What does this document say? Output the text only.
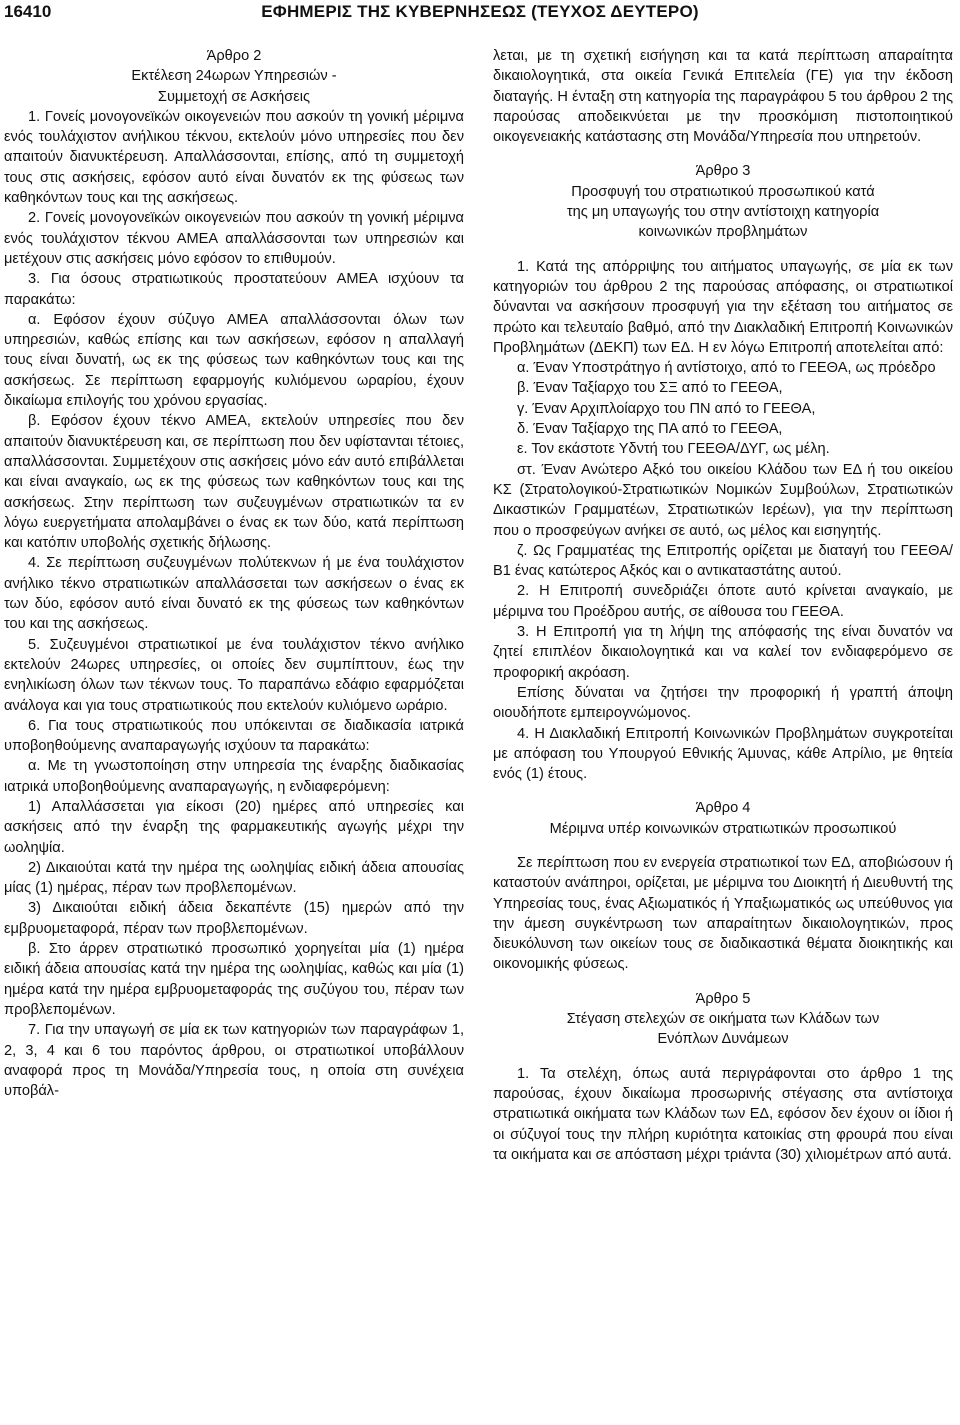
16410	ΕΦΗΜΕΡΙΣ ΤΗΣ ΚΥΒΕΡΝΗΣΕΩΣ (ΤΕΥΧΟΣ ΔΕΥΤΕΡΟ)

Άρθρο 2

Εκτέλεση 24ωρων Υπηρεσιών -

Συμμετοχή σε Ασκήσεις

1. Γονείς μονογονεϊκών οικογενειών που ασκούν τη γονική μέριμνα ενός τουλάχιστον ανήλικου τέκνου, εκτελούν μόνο υπηρεσίες που δεν απαιτούν διανυκτέρευση. Απαλλάσσονται, επίσης, από τη συμμετοχή τους στις ασκήσεις, εφόσον αυτό είναι δυνατόν εκ της φύσεως των καθηκόντων τους και της ασκήσεως.

2. Γονείς μονογονεϊκών οικογενειών που ασκούν τη γονική μέριμνα ενός τουλάχιστον τέκνου ΑΜΕΑ απαλλάσσονται των υπηρεσιών και μετέχουν στις ασκήσεις μόνο εφόσον το επιθυμούν.

3. Για όσους στρατιωτικούς προστατεύουν ΑΜΕΑ ισχύουν τα παρακάτω:

α. Εφόσον έχουν σύζυγο ΑΜΕΑ απαλλάσσονται όλων των υπηρεσιών, καθώς επίσης και των ασκήσεων, εφόσον η απαλλαγή τους είναι δυνατή, ως εκ της φύσεως των καθηκόντων τους και της ασκήσεως. Σε περίπτωση εφαρμογής κυλιόμενου ωραρίου, έχουν δικαίωμα επιλογής του χρόνου εργασίας.

β. Εφόσον έχουν τέκνο ΑΜΕΑ, εκτελούν υπηρεσίες που δεν απαιτούν διανυκτέρευση και, σε περίπτωση που δεν υφίστανται τέτοιες, απαλλάσσονται. Συμμετέχουν στις ασκήσεις μόνο εάν αυτό επιβάλλεται και είναι αναγκαίο, ως εκ της φύσεως των καθηκόντων τους και της ασκήσεως. Στην περίπτωση των συζευγμένων στρατιωτικών τα εν λόγω ευεργετήματα απολαμβάνει ο ένας εκ των δύο, κατά περίπτωση και κατόπιν υποβολής σχετικής δήλωσης.

4. Σε περίπτωση συζευγμένων πολύτεκνων ή με ένα τουλάχιστον ανήλικο τέκνο στρατιωτικών απαλλάσσεται των ασκήσεων ο ένας εκ των δύο, εφόσον αυτό είναι δυνατό εκ της φύσεως των καθηκόντων του και της ασκήσεως.

5. Συζευγμένοι στρατιωτικοί με ένα τουλάχιστον τέκνο ανήλικο εκτελούν 24ωρες υπηρεσίες, οι οποίες δεν συμπίπτουν, έως την ενηλικίωση όλων των τέκνων τους. Το παραπάνω εδάφιο εφαρμόζεται ανάλογα και για τους στρατιωτικούς που εκτελούν κυλιόμενο ωράριο.

6. Για τους στρατιωτικούς που υπόκεινται σε διαδικασία ιατρικά υποβοηθούμενης αναπαραγωγής ισχύουν τα παρακάτω:

α. Με τη γνωστοποίηση στην υπηρεσία της έναρξης διαδικασίας ιατρικά υποβοηθούμενης αναπαραγωγής, η ενδιαφερόμενη:

1) Απαλλάσσεται για είκοσι (20) ημέρες από υπηρεσίες και ασκήσεις από την έναρξη της φαρμακευτικής αγωγής μέχρι την ωοληψία.

2) Δικαιούται κατά την ημέρα της ωοληψίας ειδική άδεια απουσίας μίας (1) ημέρας, πέραν των προβλεπομένων.

3) Δικαιούται ειδική άδεια δεκαπέντε (15) ημερών από την εμβρυομεταφορά, πέραν των προβλεπομένων.

β. Στο άρρεν στρατιωτικό προσωπικό χορηγείται μία (1) ημέρα ειδική άδεια απουσίας κατά την ημέρα της ωοληψίας, καθώς και μία (1) ημέρα κατά την ημέρα εμβρυομεταφοράς της συζύγου του, πέραν των προβλεπομένων.

7. Για την υπαγωγή σε μία εκ των κατηγοριών των παραγράφων 1, 2, 3, 4 και 6 του παρόντος άρθρου, οι στρατιωτικοί υποβάλλουν αναφορά προς τη Μονάδα/Υπηρεσία τους, η οποία στη συνέχεια υποβάλ-

λεται, με τη σχετική εισήγηση και τα κατά περίπτωση απαραίτητα δικαιολογητικά, στα οικεία Γενικά Επιτελεία (ΓΕ) για την έκδοση διαταγής. Η ένταξη στη κατηγορία της παραγράφου 5 του άρθρου 2 της παρούσας αποδεικνύεται με την προσκόμιση πιστοποιητικού οικογενειακής κατάστασης στη Μονάδα/Υπηρεσία που υπηρετούν.

Άρθρο 3

Προσφυγή του στρατιωτικού προσωπικού κατά

της μη υπαγωγής του στην αντίστοιχη κατηγορία

κοινωνικών προβλημάτων

1. Κατά της απόρριψης του αιτήματος υπαγωγής, σε μία εκ των κατηγοριών του άρθρου 2 της παρούσας απόφασης, οι στρατιωτικοί δύνανται να ασκήσουν προσφυγή για την εξέταση του αιτήματος σε πρώτο και τελευταίο βαθμό, από την Διακλαδική Επιτροπή Κοινωνικών Προβλημάτων (ΔΕΚΠ) των ΕΔ. Η εν λόγω Επιτροπή αποτελείται από:

α. Έναν Υποστράτηγο ή αντίστοιχο, από το ΓΕΕΘΑ, ως πρόεδρο

β. Έναν Ταξίαρχο του ΣΞ από το ΓΕΕΘΑ,

γ. Έναν Αρχιπλοίαρχο του ΠΝ από το ΓΕΕΘΑ,

δ. Έναν Ταξίαρχο της ΠΑ από το ΓΕΕΘΑ,

ε. Τον εκάστοτε Υδντή του ΓΕΕΘΑ/ΔΥΓ, ως μέλη.

στ. Έναν Ανώτερο Αξκό του οικείου Κλάδου των ΕΔ ή του οικείου ΚΣ (Στρατολογικού-Στρατιωτικών Νομικών Συμβούλων, Στρατιωτικών Δικαστικών Γραμματέων, Στρατιωτικών Ιερέων), για την περίπτωση που ο προσφεύγων ανήκει σε αυτό, ως μέλος και εισηγητής.

ζ. Ως Γραμματέας της Επιτροπής ορίζεται με διαταγή του ΓΕΕΘΑ/Β1 ένας κατώτερος Αξκός και ο αντικαταστάτης αυτού.

2. Η Επιτροπή συνεδριάζει όποτε αυτό κρίνεται αναγκαίο, με μέριμνα του Προέδρου αυτής, σε αίθουσα του ΓΕΕΘΑ.

3. Η Επιτροπή για τη λήψη της απόφασής της είναι δυνατόν να ζητεί επιπλέον δικαιολογητικά και να καλεί τον ενδιαφερόμενο σε προφορική ακρόαση.

Επίσης δύναται να ζητήσει την προφορική ή γραπτή άποψη οιουδήποτε εμπειρογνώμονος.

4. Η Διακλαδική Επιτροπή Κοινωνικών Προβλημάτων συγκροτείται με απόφαση του Υπουργού Εθνικής Άμυνας, κάθε Απρίλιο, με θητεία ενός (1) έτους.

Άρθρο 4

Μέριμνα υπέρ κοινωνικών στρατιωτικών προσωπικού

Σε περίπτωση που εν ενεργεία στρατιωτικοί των ΕΔ, αποβιώσουν ή καταστούν ανάπηροι, ορίζεται, με μέριμνα του Διοικητή ή Διευθυντή της Υπηρεσίας τους, ένας Αξιωματικός ή Υπαξιωματικός ως υπεύθυνος για την άμεση συγκέντρωση των απαραίτητων δικαιολογητικών, προς διευκόλυνση των οικείων τους σε διαδικαστικά θέματα διοικητικής και οικονομικής φύσεως.

Άρθρο 5

Στέγαση στελεχών σε οικήματα των Κλάδων των

Ενόπλων Δυνάμεων

1. Τα στελέχη, όπως αυτά περιγράφονται στο άρθρο 1 της παρούσας, έχουν δικαίωμα προσωρινής στέγασης στα αντίστοιχα στρατιωτικά οικήματα των Κλάδων των ΕΔ, εφόσον δεν έχουν οι ίδιοι ή οι σύζυγοί τους την πλήρη κυριότητα κατοικίας στη φρουρά που είναι τα οικήματα και σε απόσταση μέχρι τριάντα (30) χιλιομέτρων από αυτά.
